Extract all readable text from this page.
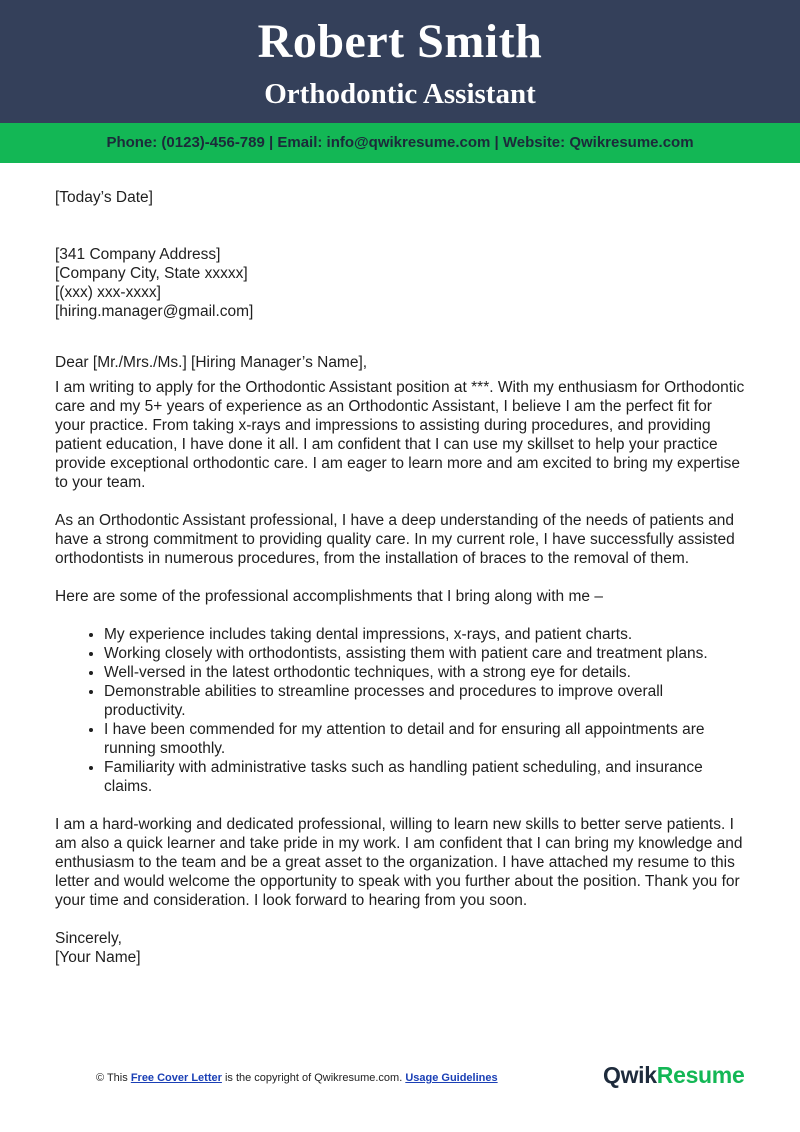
Robert Smith
Orthodontic Assistant
Phone: (0123)-456-789 | Email: info@qwikresume.com | Website: Qwikresume.com

[Today’s Date]

[341 Company Address]

[Company City, State xxxxx]

[(xxx) xxx-xxxx]

[hiring.manager@gmail.com]

Dear [Mr./Mrs./Ms.] [Hiring Manager’s Name],

I am writing to apply for the Orthodontic Assistant position at ***. With my enthusiasm for Orthodontic care and my 5+ years of experience as an Orthodontic Assistant, I believe I am the perfect fit for your practice. From taking x-rays and impressions to assisting during procedures, and providing patient education, I have done it all. I am confident that I can use my skillset to help your practice provide exceptional orthodontic care. I am eager to learn more and am excited to bring my expertise to your team.

As an Orthodontic Assistant professional, I have a deep understanding of the needs of patients and have a strong commitment to providing quality care. In my current role, I have successfully assisted orthodontists in numerous procedures, from the installation of braces to the removal of them.

Here are some of the professional accomplishments that I bring along with me –

• My experience includes taking dental impressions, x-rays, and patient charts.
• Working closely with orthodontists, assisting them with patient care and treatment plans.
• Well-versed in the latest orthodontic techniques, with a strong eye for details.
• Demonstrable abilities to streamline processes and procedures to improve overall productivity.
• I have been commended for my attention to detail and for ensuring all appointments are running smoothly.
• Familiarity with administrative tasks such as handling patient scheduling, and insurance claims.

I am a hard-working and dedicated professional, willing to learn new skills to better serve patients. I am also a quick learner and take pride in my work. I am confident that I can bring my knowledge and enthusiasm to the team and be a great asset to the organization. I have attached my resume to this letter and would welcome the opportunity to speak with you further about the position. Thank you for your time and consideration. I look forward to hearing from you soon.

Sincerely,

[Your Name]

© This Free Cover Letter is the copyright of Qwikresume.com. Usage Guidelines	QwikResume
